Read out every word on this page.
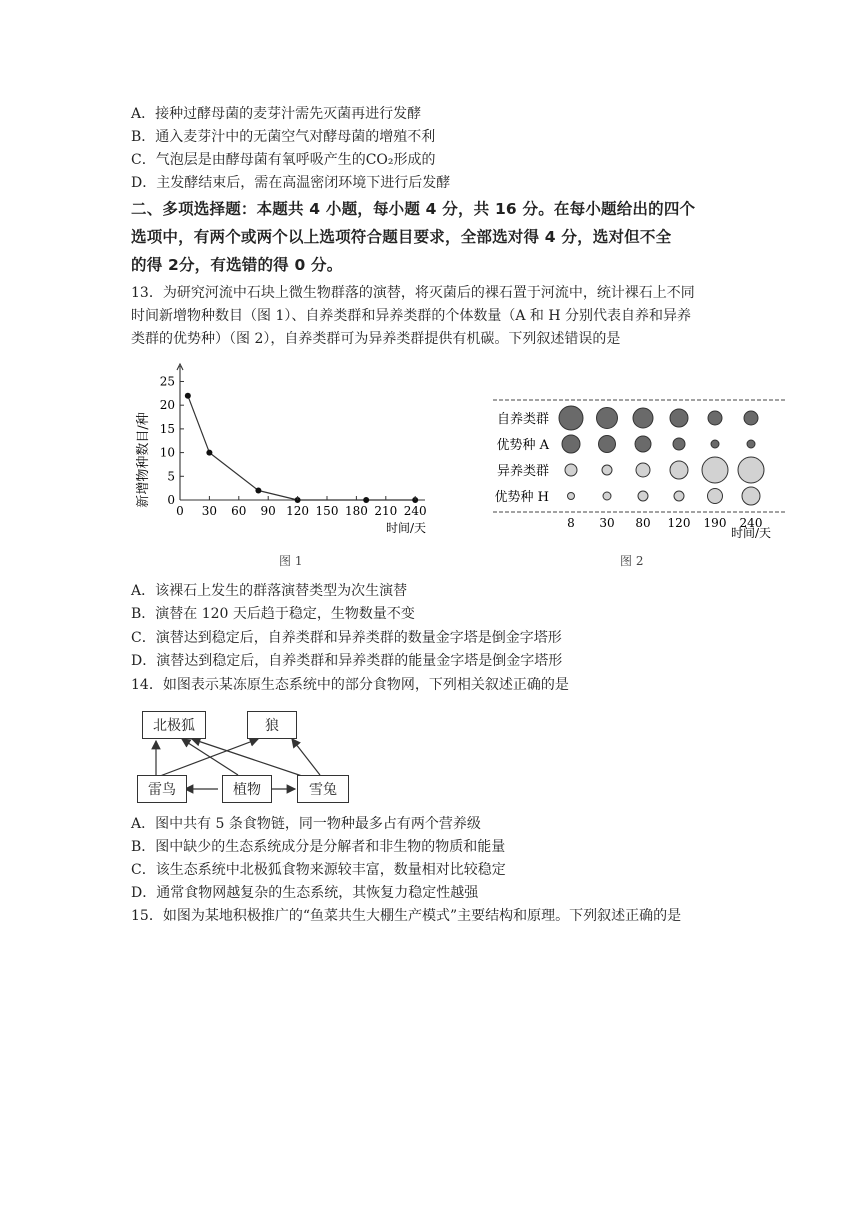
A．接种过酵母菌的麦芽汁需先灭菌再进行发酵
B．通入麦芽汁中的无菌空气对酵母菌的增殖不利
C．气泡层是由酵母菌有氧呼吸产生的CO₂形成的
D．主发酵结束后，需在高温密闭环境下进行后发酵
二、多项选择题：本题共 4 小题，每小题 4 分，共 16 分。在每小题给出的四个
选项中，有两个或两个以上选项符合题目要求，全部选对得 4 分，选对但不全
的得 2分，有选错的得 0 分。
13．为研究河流中石块上微生物群落的演替，将灭菌后的裸石置于河流中，统计裸石上不同
时间新增物种数目（图 1）、自养类群和异养类群的个体数量（A 和 H 分别代表自养和异养
类群的优势种）（图 2），自养类群可为异养类群提供有机碳。下列叙述错误的是
0 30 60 90 120 150 180 210 240
0
5
10
15
20
25
新增物种数目/种
时间/天
图 1
自养类群
优势种 A
异养类群
优势种 H
8 30 80 120 190 240
时间/天
图 2
A．该裸石上发生的群落演替类型为次生演替
B．演替在 120 天后趋于稳定，生物数量不变
C．演替达到稳定后，自养类群和异养类群的数量金字塔是倒金字塔形
D．演替达到稳定后，自养类群和异养类群的能量金字塔是倒金字塔形
14．如图表示某冻原生态系统中的部分食物网，下列相关叙述正确的是
北极狐	狼
雷鸟	植物	雪兔
A．图中共有 5 条食物链，同一物种最多占有两个营养级
B．图中缺少的生态系统成分是分解者和非生物的物质和能量
C．该生态系统中北极狐食物来源较丰富，数量相对比较稳定
D．通常食物网越复杂的生态系统，其恢复力稳定性越强
15．如图为某地积极推广的“鱼菜共生大棚生产模式”主要结构和原理。下列叙述正确的是
